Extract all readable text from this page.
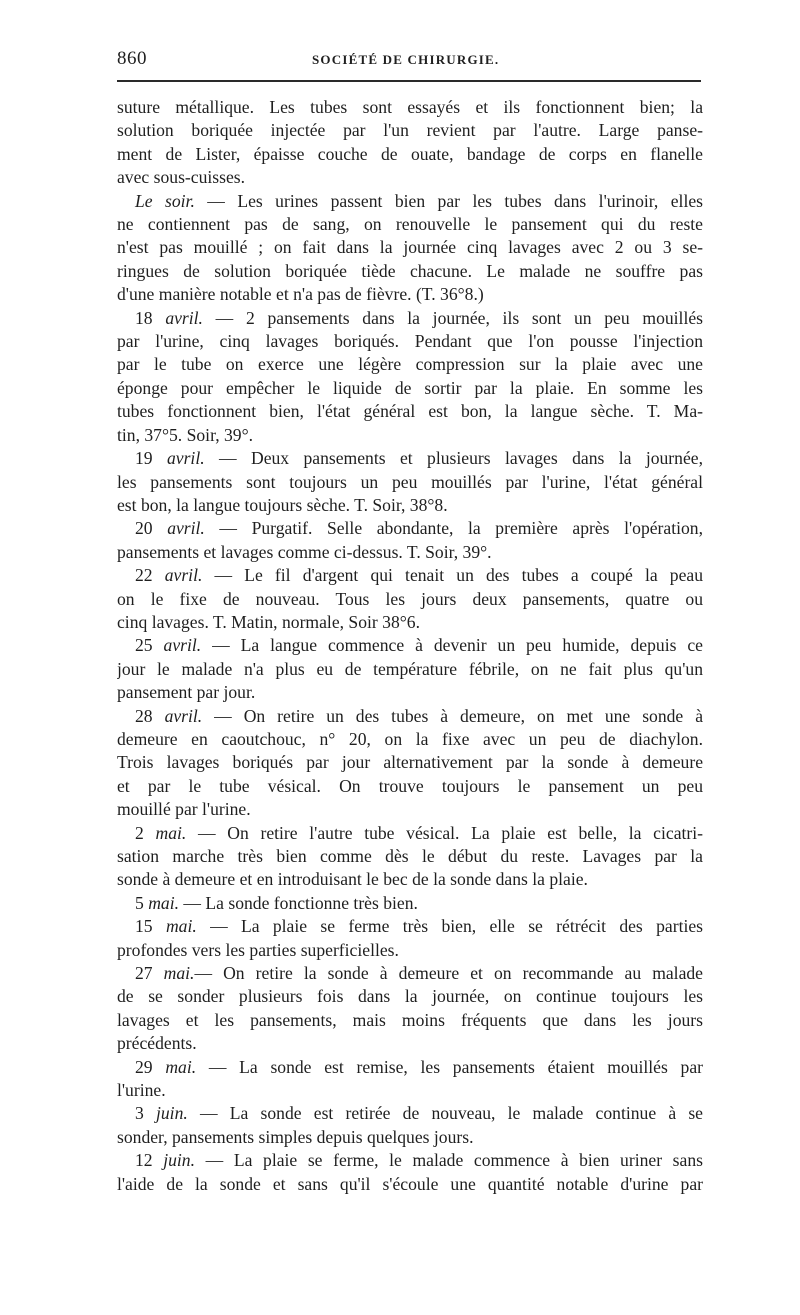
860	SOCIÉTÉ DE CHIRURGIE.
suture métallique. Les tubes sont essayés et ils fonctionnent bien; la
solution boriquée injectée par l'un revient par l'autre. Large panse-
ment de Lister, épaisse couche de ouate, bandage de corps en flanelle
avec sous-cuisses.
Le soir. — Les urines passent bien par les tubes dans l'urinoir, elles
ne contiennent pas de sang, on renouvelle le pansement qui du reste
n'est pas mouillé ; on fait dans la journée cinq lavages avec 2 ou 3 se-
ringues de solution boriquée tiède chacune. Le malade ne souffre pas
d'une manière notable et n'a pas de fièvre. (T. 36°8.)
18 avril. — 2 pansements dans la journée, ils sont un peu mouillés
par l'urine, cinq lavages boriqués. Pendant que l'on pousse l'injection
par le tube on exerce une légère compression sur la plaie avec une
éponge pour empêcher le liquide de sortir par la plaie. En somme les
tubes fonctionnent bien, l'état général est bon, la langue sèche. T. Ma-
tin, 37°5. Soir, 39°.
19 avril. — Deux pansements et plusieurs lavages dans la journée,
les pansements sont toujours un peu mouillés par l'urine, l'état général
est bon, la langue toujours sèche. T. Soir, 38°8.
20 avril. — Purgatif. Selle abondante, la première après l'opération,
pansements et lavages comme ci-dessus. T. Soir, 39°.
22 avril. — Le fil d'argent qui tenait un des tubes a coupé la peau
on le fixe de nouveau. Tous les jours deux pansements, quatre ou
cinq lavages. T. Matin, normale, Soir 38°6.
25 avril. — La langue commence à devenir un peu humide, depuis ce
jour le malade n'a plus eu de température fébrile, on ne fait plus qu'un
pansement par jour.
28 avril. — On retire un des tubes à demeure, on met une sonde à
demeure en caoutchouc, n° 20, on la fixe avec un peu de diachylon.
Trois lavages boriqués par jour alternativement par la sonde à demeure
et par le tube vésical. On trouve toujours le pansement un peu
mouillé par l'urine.
2 mai. — On retire l'autre tube vésical. La plaie est belle, la cicatri-
sation marche très bien comme dès le début du reste. Lavages par la
sonde à demeure et en introduisant le bec de la sonde dans la plaie.
5 mai. — La sonde fonctionne très bien.
15 mai. — La plaie se ferme très bien, elle se rétrécit des parties
profondes vers les parties superficielles.
27 mai.— On retire la sonde à demeure et on recommande au malade
de se sonder plusieurs fois dans la journée, on continue toujours les
lavages et les pansements, mais moins fréquents que dans les jours
précédents.
29 mai. — La sonde est remise, les pansements étaient mouillés par
l'urine.
3 juin. — La sonde est retirée de nouveau, le malade continue à se
sonder, pansements simples depuis quelques jours.
12 juin. — La plaie se ferme, le malade commence à bien uriner sans
l'aide de la sonde et sans qu'il s'écoule une quantité notable d'urine par
